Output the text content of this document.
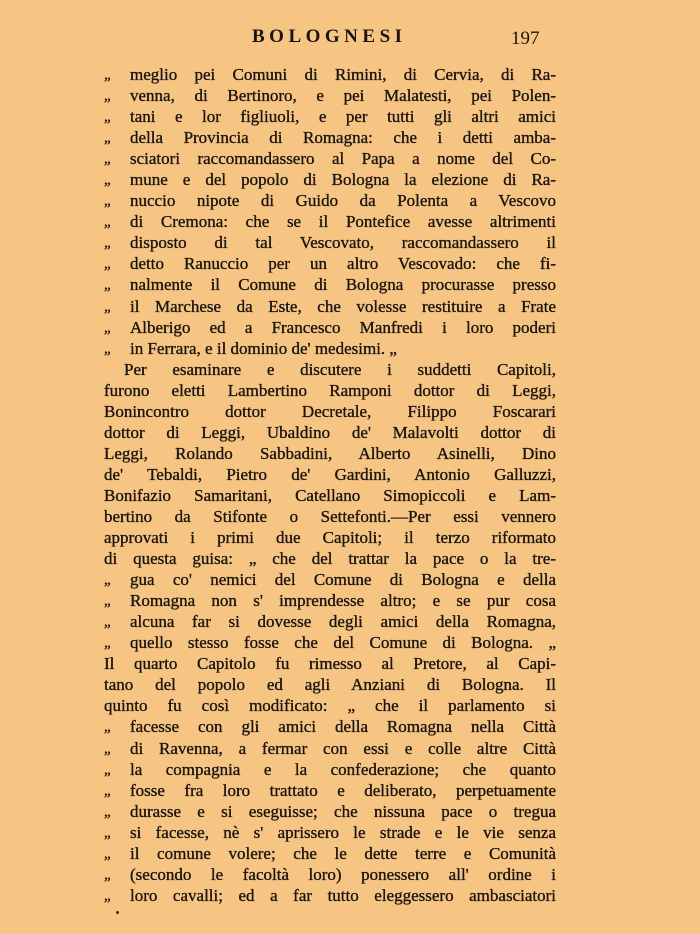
BOLOGNESI	197
„ meglio pei Comuni di Rimini, di Cervia, di Ra-
„ venna, di Bertinoro, e pei Malatesti, pei Polen-
„ tani e lor figliuoli, e per tutti gli altri amici
„ della Provincia di Romagna: che i detti amba-
„ sciatori raccomandassero al Papa a nome del Co-
„ mune e del popolo di Bologna la elezione di Ra-
„ nuccio nipote di Guido da Polenta a Vescovo
„ di Cremona: che se il Pontefice avesse altrimenti
„ disposto di tal Vescovato, raccomandassero il
„ detto Ranuccio per un altro Vescovado: che fi-
„ nalmente il Comune di Bologna procurasse presso
„ il Marchese da Este, che volesse restituire a Frate
„ Alberigo ed a Francesco Manfredi i loro poderi
„ in Ferrara, e il dominio de' medesimi. „
Per esaminare e discutere i suddetti Capitoli,
furono eletti Lambertino Ramponi dottor di Leggi,
Bonincontro dottor Decretale, Filippo Foscarari
dottor di Leggi, Ubaldino de' Malavolti dottor di
Leggi, Rolando Sabbadini, Alberto Asinelli, Dino
de' Tebaldi, Pietro de' Gardini, Antonio Galluzzi,
Bonifazio Samaritani, Catellano Simopiccoli e Lam-
bertino da Stifonte o Settefonti.—Per essi vennero
approvati i primi due Capitoli; il terzo riformato
di questa guisa: „ che del trattar la pace o la tre-
„ gua co' nemici del Comune di Bologna e della
„ Romagna non s' imprendesse altro; e se pur cosa
„ alcuna far si dovesse degli amici della Romagna,
„ quello stesso fosse che del Comune di Bologna. „
Il quarto Capitolo fu rimesso al Pretore, al Capi-
tano del popolo ed agli Anziani di Bologna. Il
quinto fu così modificato: „ che il parlamento si
„ facesse con gli amici della Romagna nella Città
„ di Ravenna, a fermar con essi e colle altre Città
„ la compagnia e la confederazione; che quanto
„ fosse fra loro trattato e deliberato, perpetuamente
„ durasse e si eseguisse; che nissuna pace o tregua
„ si facesse, nè s' aprissero le strade e le vie senza
„ il comune volere; che le dette terre e Comunità
„ (secondo le facoltà loro) ponessero all' ordine i
„ loro cavalli; ed a far tutto eleggessero ambasciatori
